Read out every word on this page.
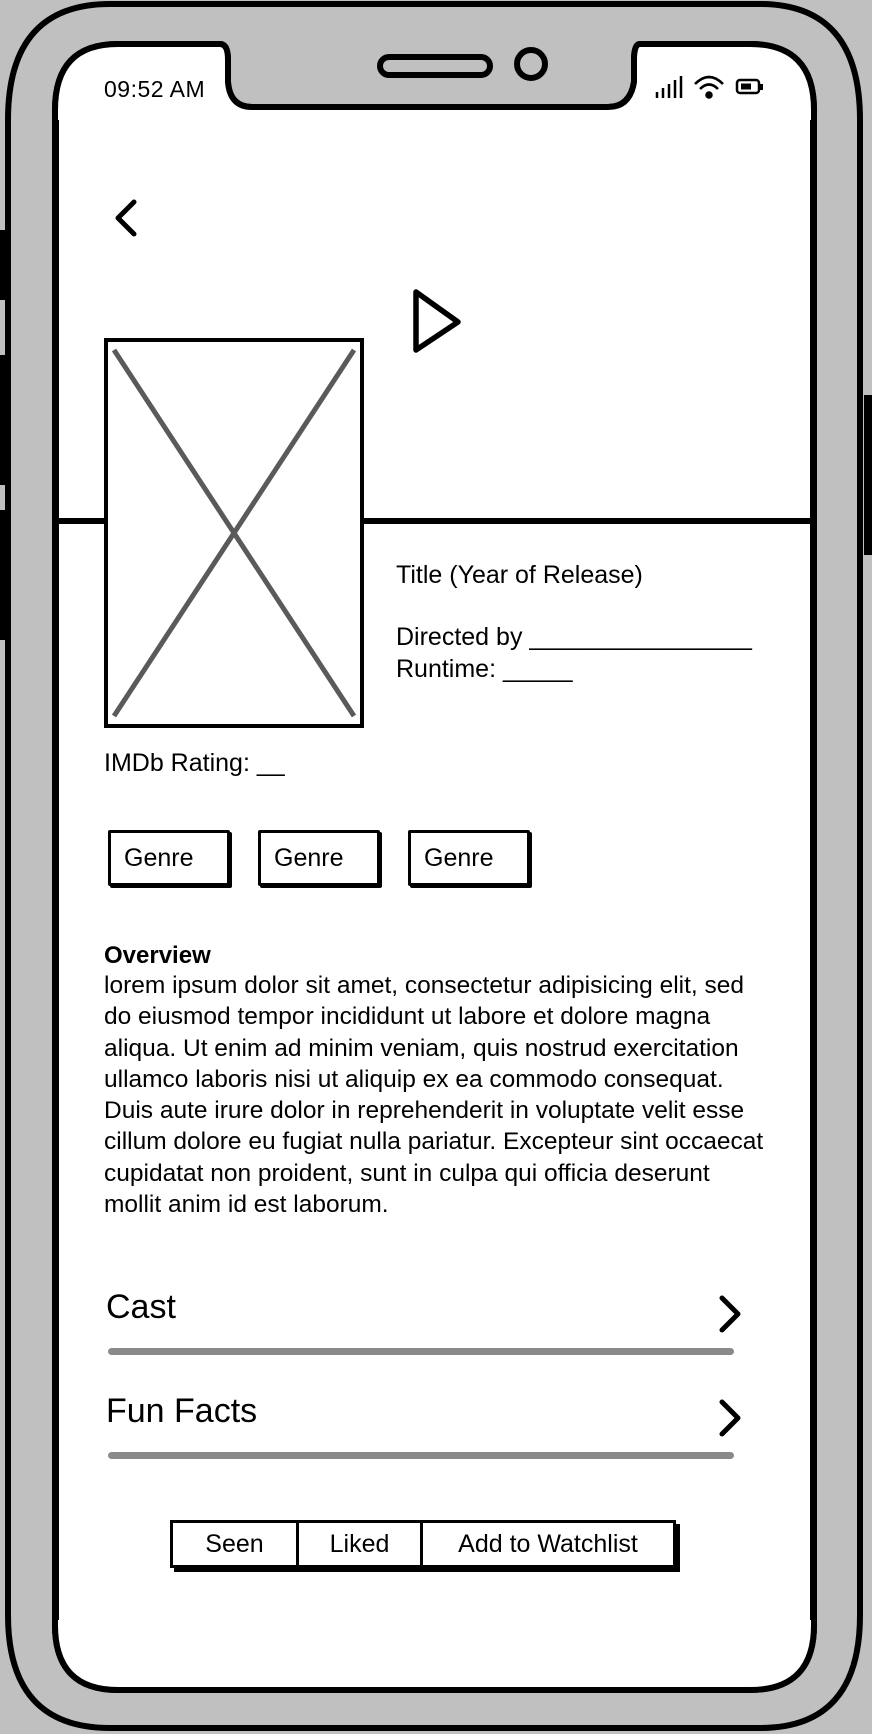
09:52 AM
Title (Year of Release)
Directed by ________________
Runtime: _____
IMDb Rating: __
Genre	Genre	Genre
Overview
lorem ipsum dolor sit amet, consectetur adipisicing elit, sed do eiusmod tempor incididunt ut labore et dolore magna aliqua. Ut enim ad minim veniam, quis nostrud exercitation ullamco laboris nisi ut aliquip ex ea commodo consequat. Duis aute irure dolor in reprehenderit in voluptate velit esse cillum dolore eu fugiat nulla pariatur. Excepteur sint occaecat cupidatat non proident, sunt in culpa qui officia deserunt mollit anim id est laborum.
Cast
Fun Facts
Seen	Liked	Add to Watchlist
